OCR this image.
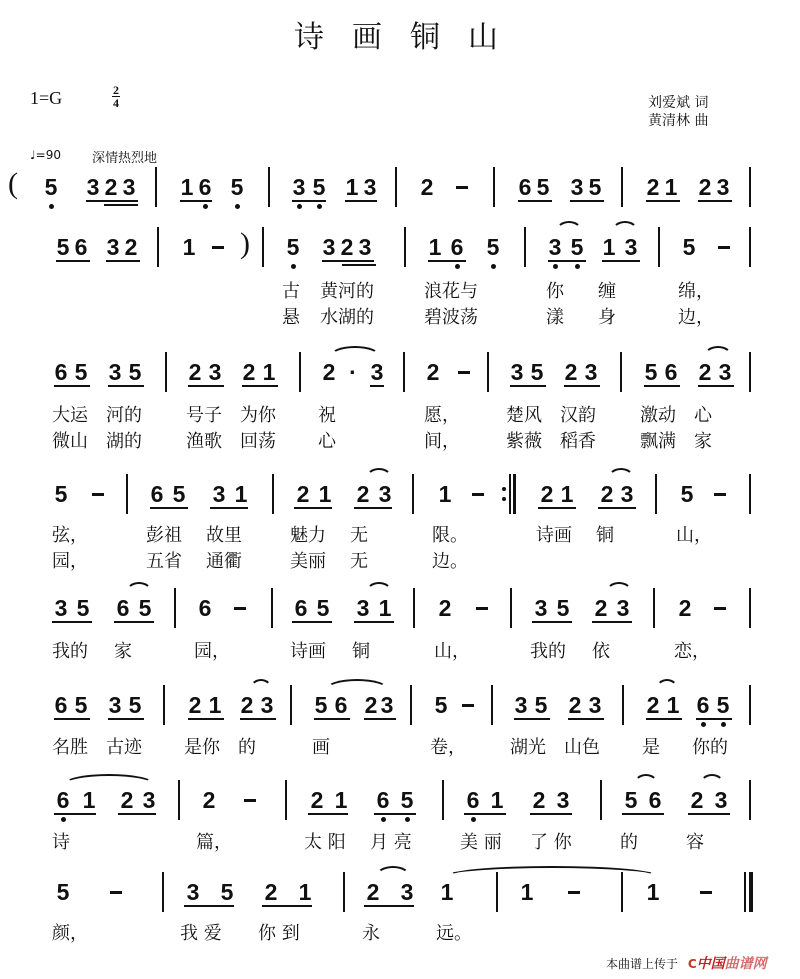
诗画铜山
1=G	2
4	刘爱斌 词
黄清林 曲
♩=90 深情热烈地
( 5 3 2 3 1 6 5 3 5 1 3 2	6 5 3 5 2 1 2 3
5 6 3 2 1 ) 5 3 2 3 1 6 5 3 5 1 3 5
古 黄河的	浪花与	你 缠	绵，
悬 水湖的	碧波荡	漾 身	边，
6 5 3 5 2 3 2 1 2 · 3 2	3 5 2 3 5 6 2 3
大运 河的 号子 为你 祝	愿，	楚风 汉韵 激动 心
微山 湖的 渔歌 回荡 心	间，	紫薇 稻香 飘满 家
5	6 5 3 1 2 1 2 3 1	2 1 2 3 5
弦，	彭祖 故里	魅力 无	限。	诗画 铜	山，
园，	五省 通衢	美丽 无	边。
3 5 6 5 6	6 5 3 1 2	3 5 2 3 2
我的 家	园，	诗画 铜	山，	我的 依	恋，
6 5 3 5 2 1 2 3 5 6 2 3 5	3 5 2 3 2 1 6 5
名胜 古迹 是你 的	画	卷， 湖光 山色 是 你的
6 1 2 3 2	2 1 6 5 6 1 2 3 5 6 2 3
诗	篇，	太 阳 月 亮	美 丽 了 你	的	容
5	3 5 2 1 2 3 1	1	1
颜，	我 爱 你 到	永	远。
本曲谱上传于 C中国曲谱网
